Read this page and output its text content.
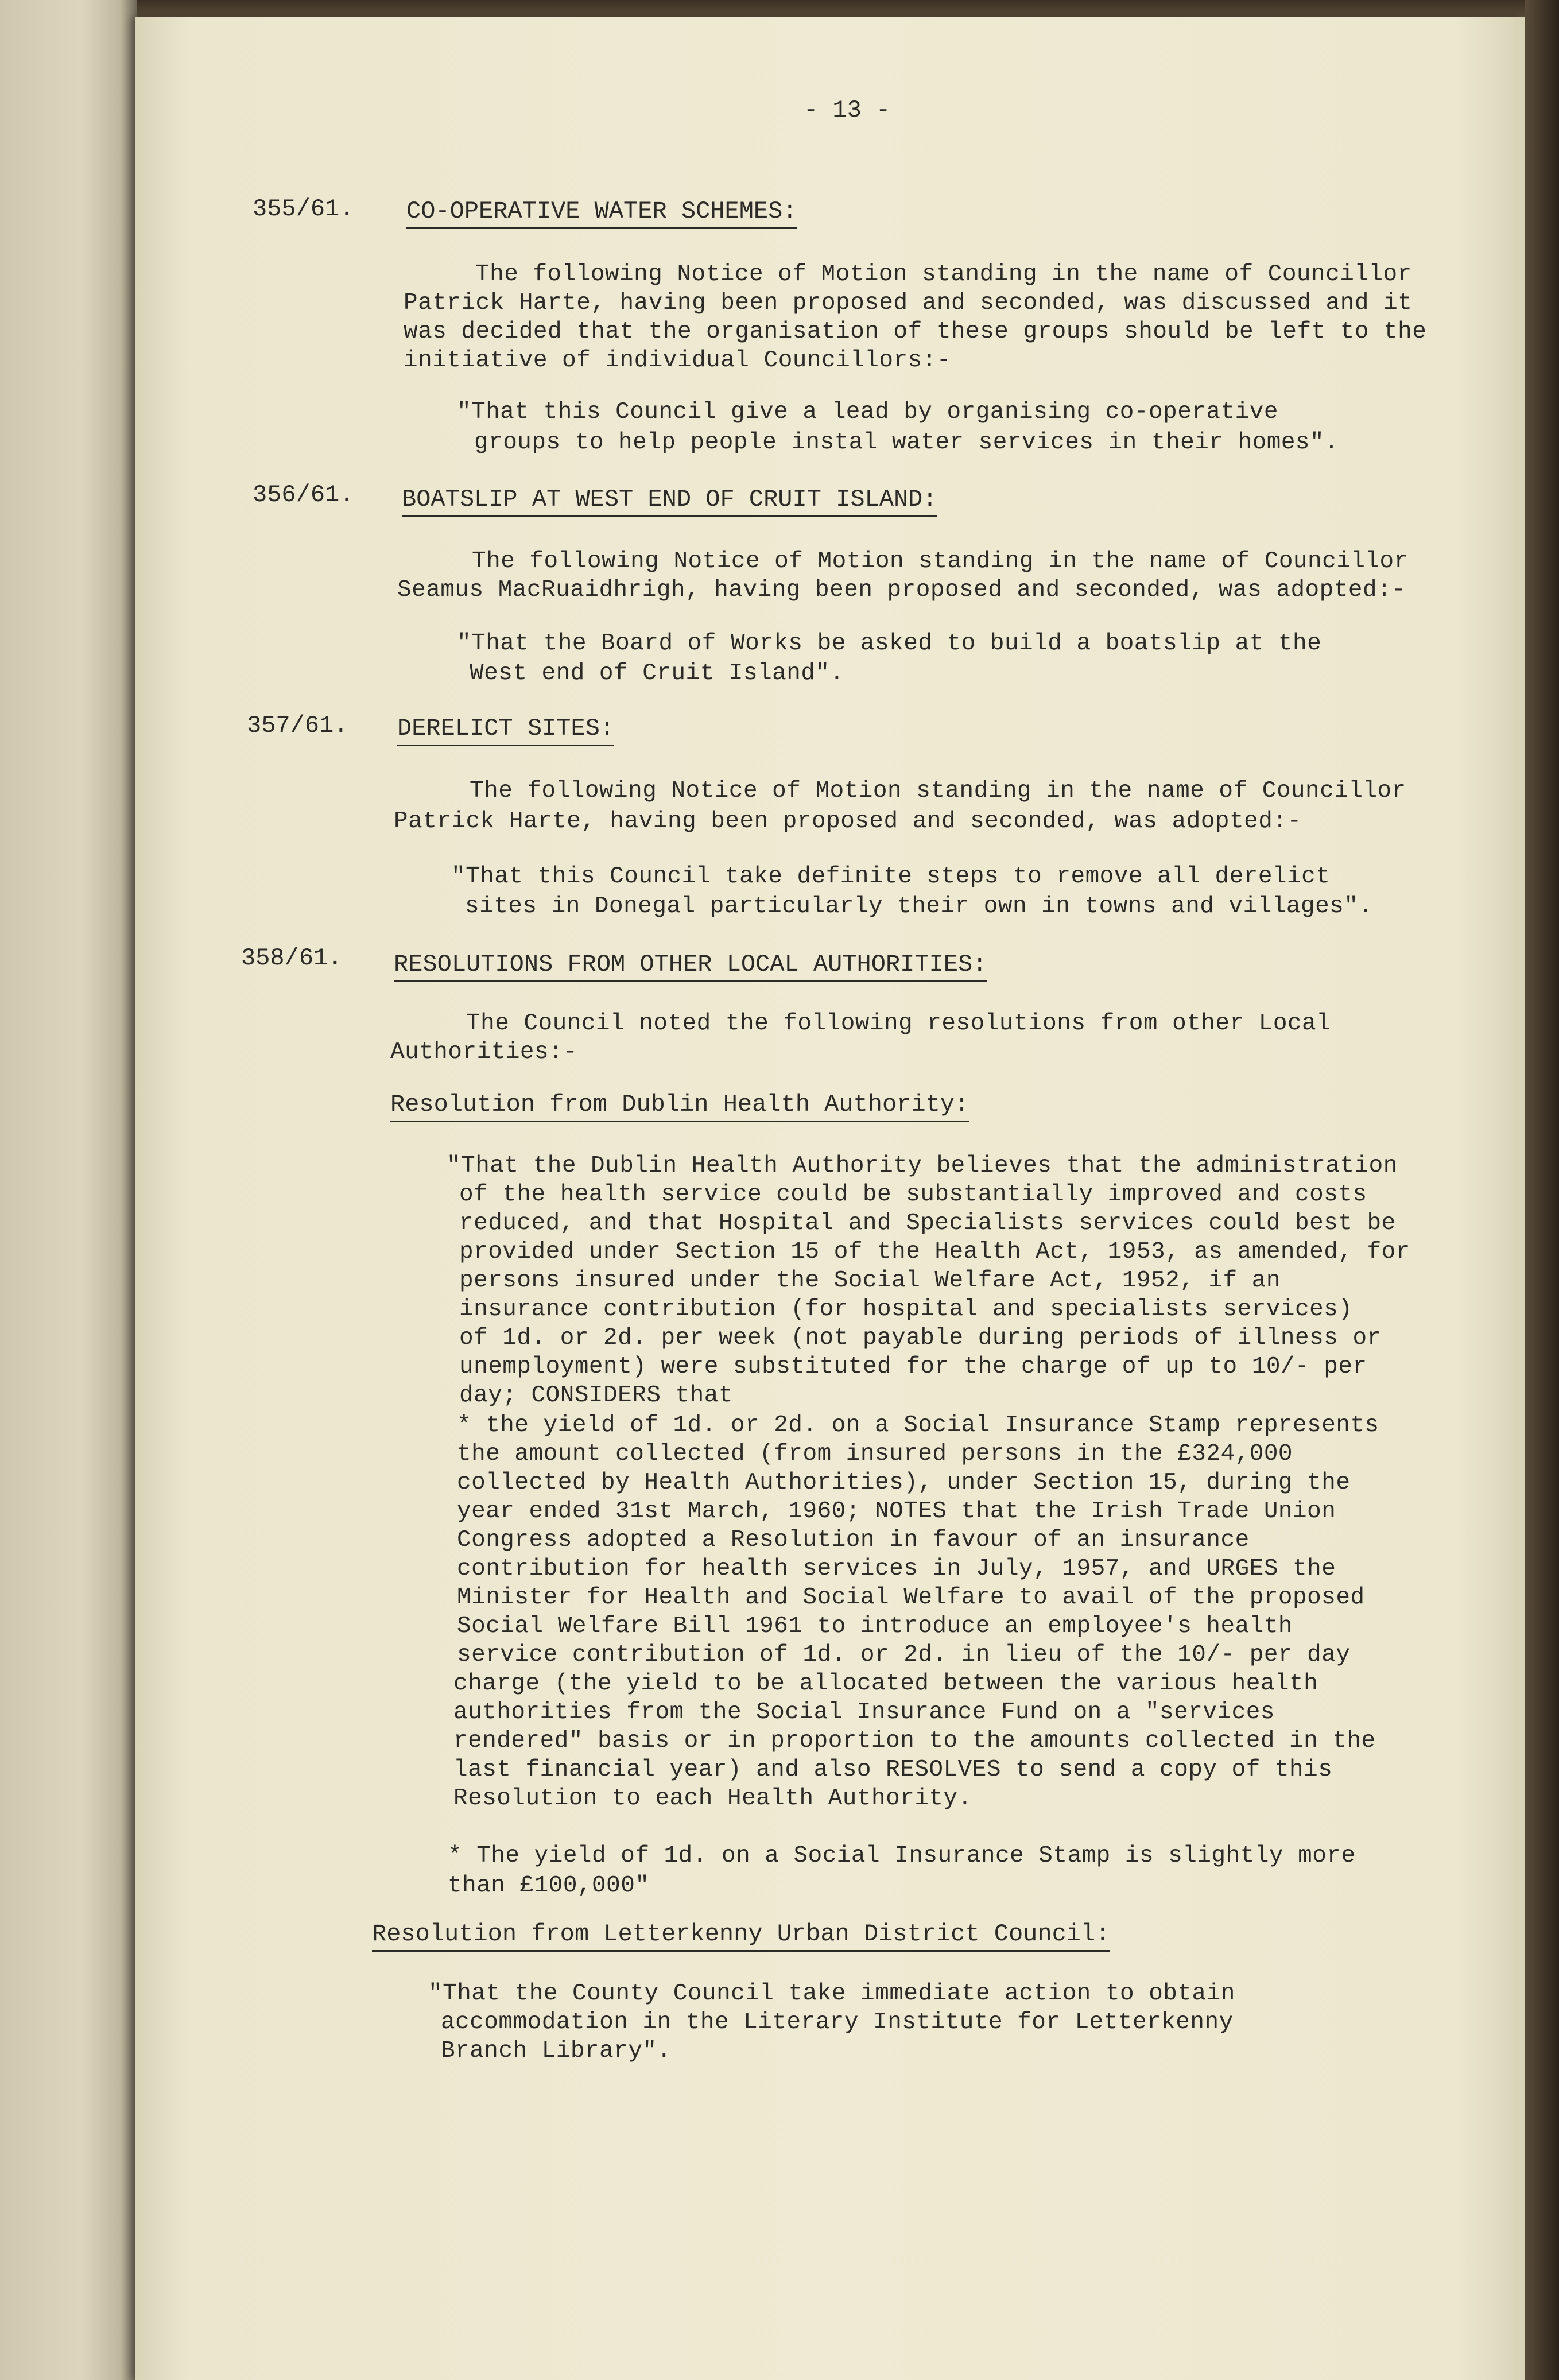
- 13 -
355/61. CO-OPERATIVE WATER SCHEMES:
The following Notice of Motion standing in the name of Councillor
Patrick Harte, having been proposed and seconded, was discussed and it
was decided that the organisation of these groups should be left to the
initiative of individual Councillors:-
"That this Council give a lead by organising co-operative
groups to help people instal water services in their homes".
356/61. BOATSLIP AT WEST END OF CRUIT ISLAND:
The following Notice of Motion standing in the name of Councillor
Seamus MacRuaidhrigh, having been proposed and seconded, was adopted:-
"That the Board of Works be asked to build a boatslip at the
West end of Cruit Island".
357/61. DERELICT SITES:
The following Notice of Motion standing in the name of Councillor
Patrick Harte, having been proposed and seconded, was adopted:-
"That this Council take definite steps to remove all derelict
sites in Donegal particularly their own in towns and villages".
358/61. RESOLUTIONS FROM OTHER LOCAL AUTHORITIES:
The Council noted the following resolutions from other Local
Authorities:-
Resolution from Dublin Health Authority:
"That the Dublin Health Authority believes that the administration
of the health service could be substantially improved and costs
reduced, and that Hospital and Specialists services could best be
provided under Section 15 of the Health Act, 1953, as amended, for
persons insured under the Social Welfare Act, 1952, if an
insurance contribution (for hospital and specialists services)
of 1d. or 2d. per week (not payable during periods of illness or
unemployment) were substituted for the charge of up to 10/- per
day; CONSIDERS that
* the yield of 1d. or 2d. on a Social Insurance Stamp represents
the amount collected (from insured persons in the £324,000
collected by Health Authorities), under Section 15, during the
year ended 31st March, 1960; NOTES that the Irish Trade Union
Congress adopted a Resolution in favour of an insurance
contribution for health services in July, 1957, and URGES the
Minister for Health and Social Welfare to avail of the proposed
Social Welfare Bill 1961 to introduce an employee's health
service contribution of 1d. or 2d. in lieu of the 10/- per day
charge (the yield to be allocated between the various health
authorities from the Social Insurance Fund on a "services
rendered" basis or in proportion to the amounts collected in the
last financial year) and also RESOLVES to send a copy of this
Resolution to each Health Authority.
* The yield of 1d. on a Social Insurance Stamp is slightly more
than £100,000"
Resolution from Letterkenny Urban District Council:
"That the County Council take immediate action to obtain
accommodation in the Literary Institute for Letterkenny
Branch Library".
